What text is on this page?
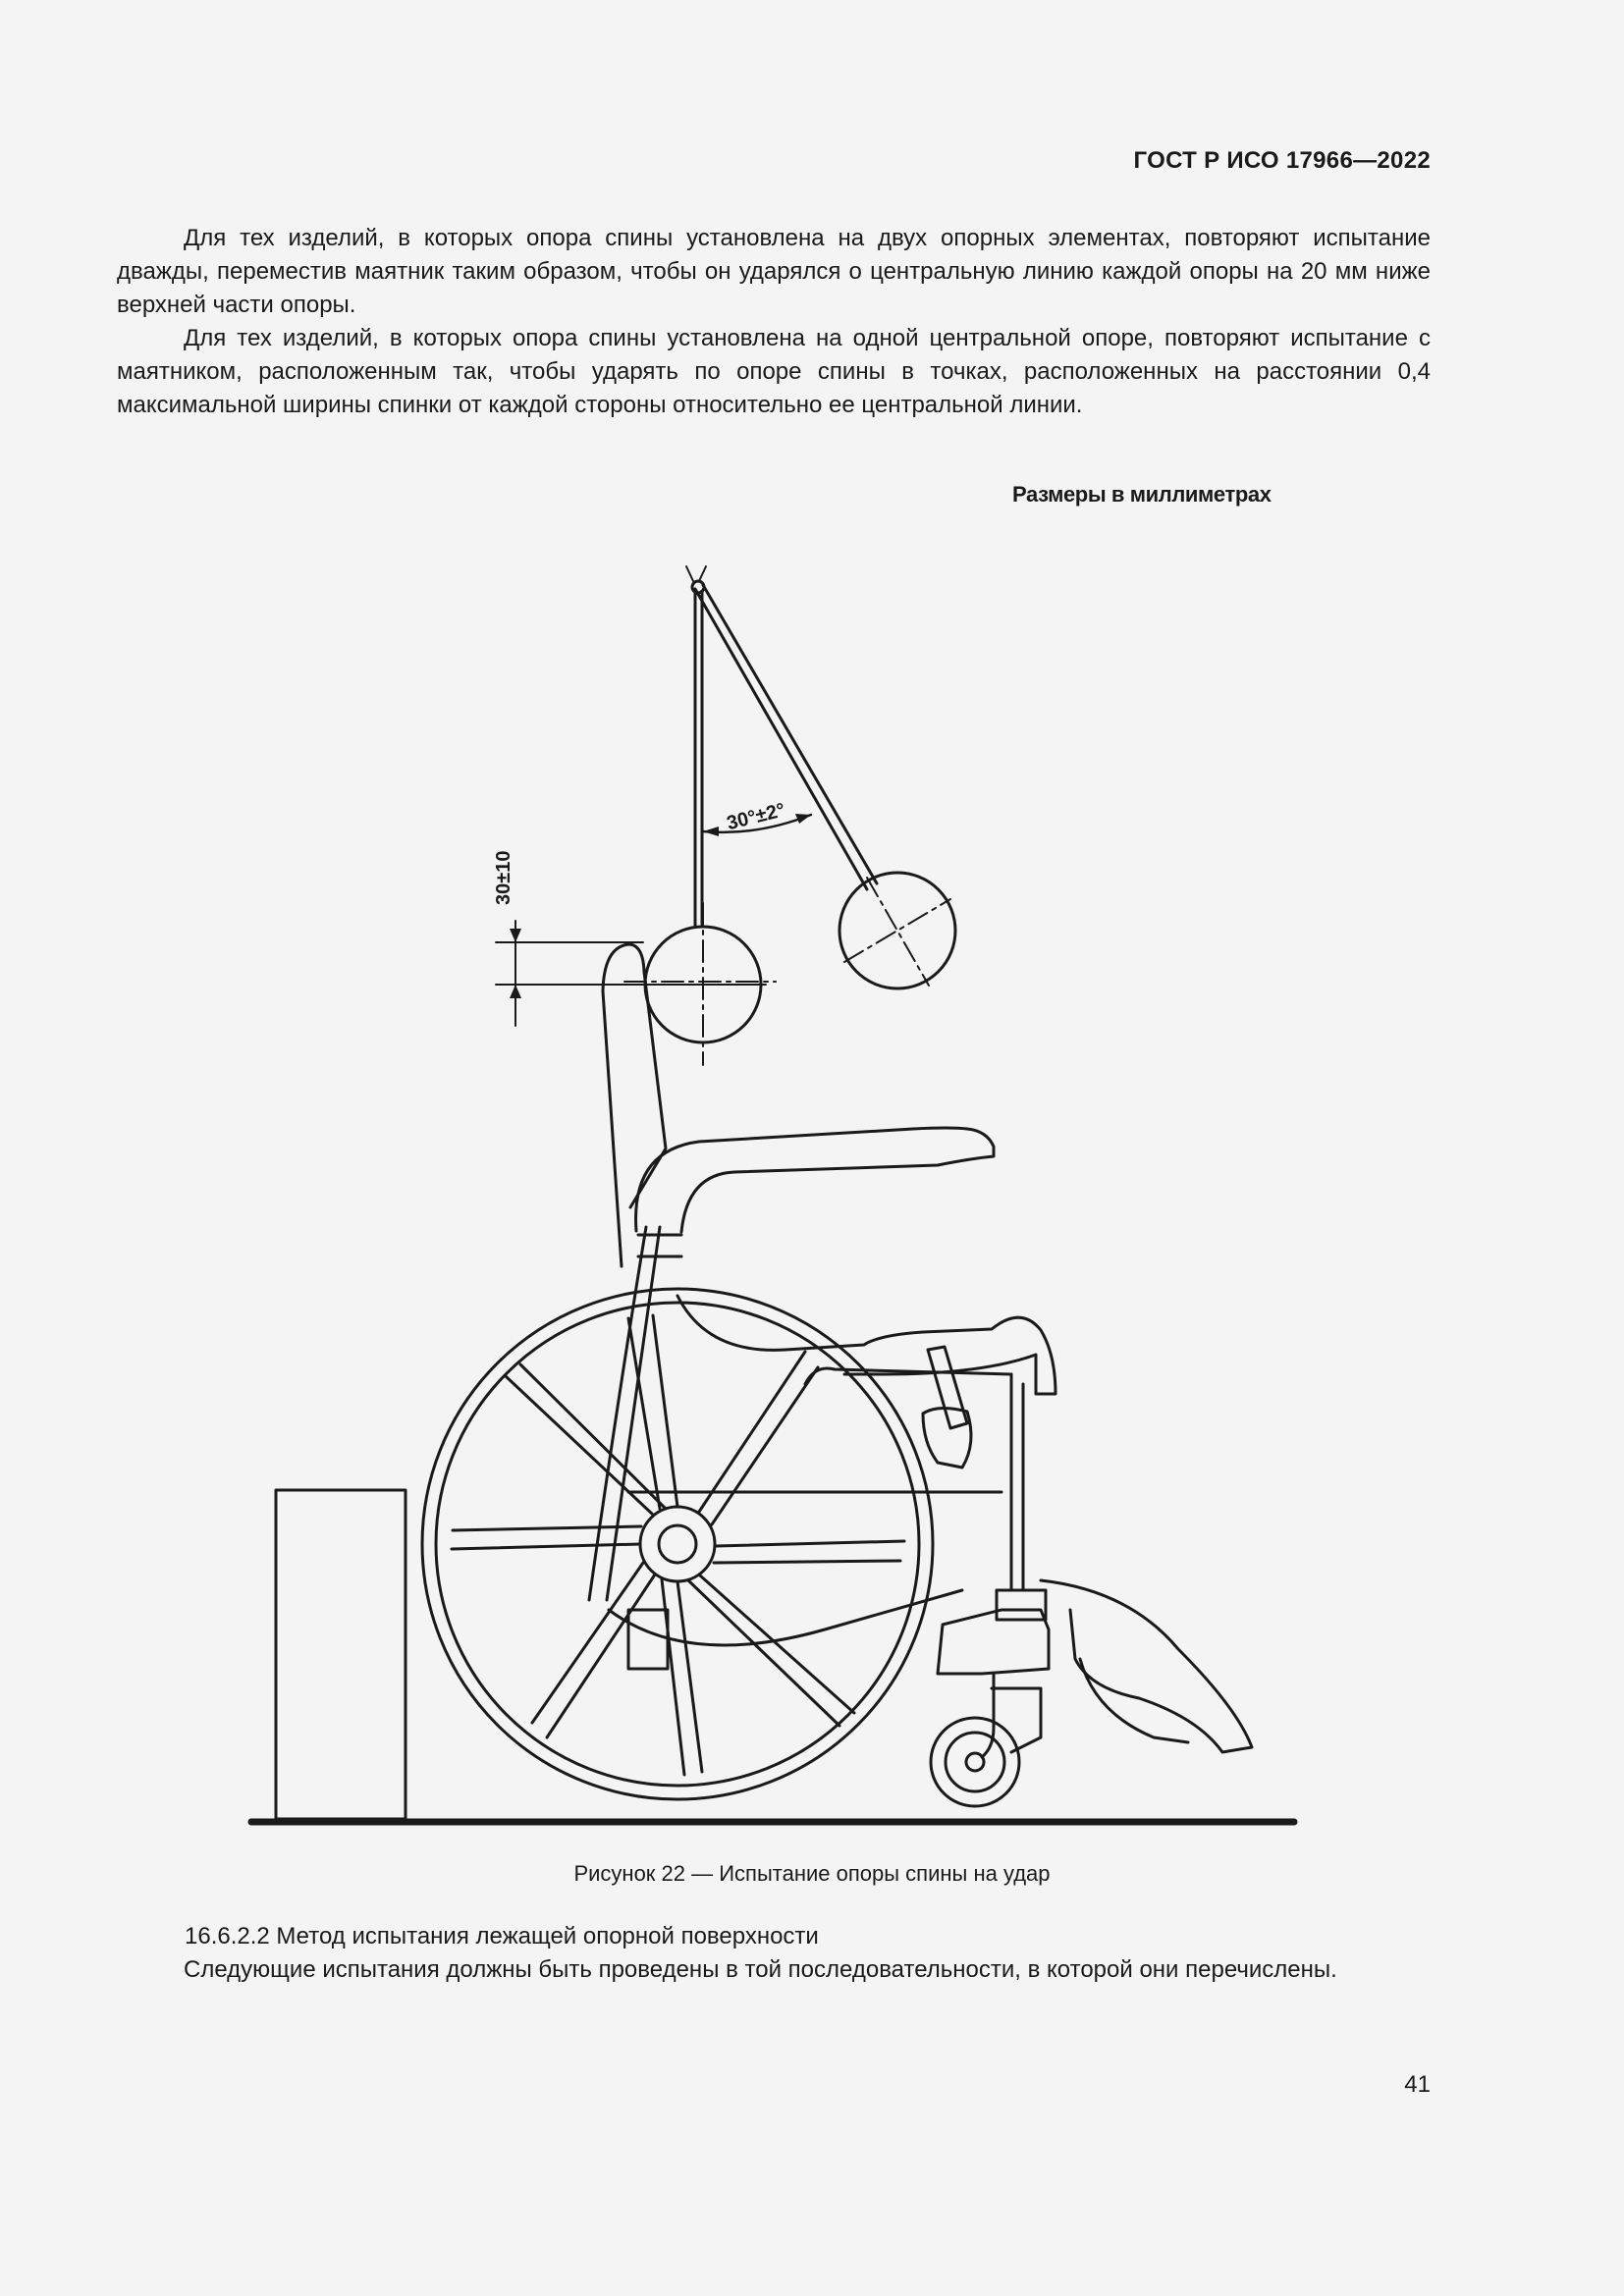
ГОСТ Р ИСО 17966—2022

Для тех изделий, в которых опора спины установлена на двух опорных элементах, повторяют испытание дважды, переместив маятник таким образом, чтобы он ударялся о центральную линию каждой опоры на 20 мм ниже верхней части опоры.

Для тех изделий, в которых опора спины установлена на одной центральной опоре, повторяют испытание с маятником, расположенным так, чтобы ударять по опоре спины в точках, расположенных на расстоянии 0,4 максимальной ширины спинки от каждой стороны относительно ее центральной линии.

Размеры в миллиметрах
30°±2°
30±10
Рисунок 22 — Испытание опоры спины на удар
16.6.2.2 Метод испытания лежащей опорной поверхности

Следующие испытания должны быть проведены в той последовательности, в которой они перечислены.

41
